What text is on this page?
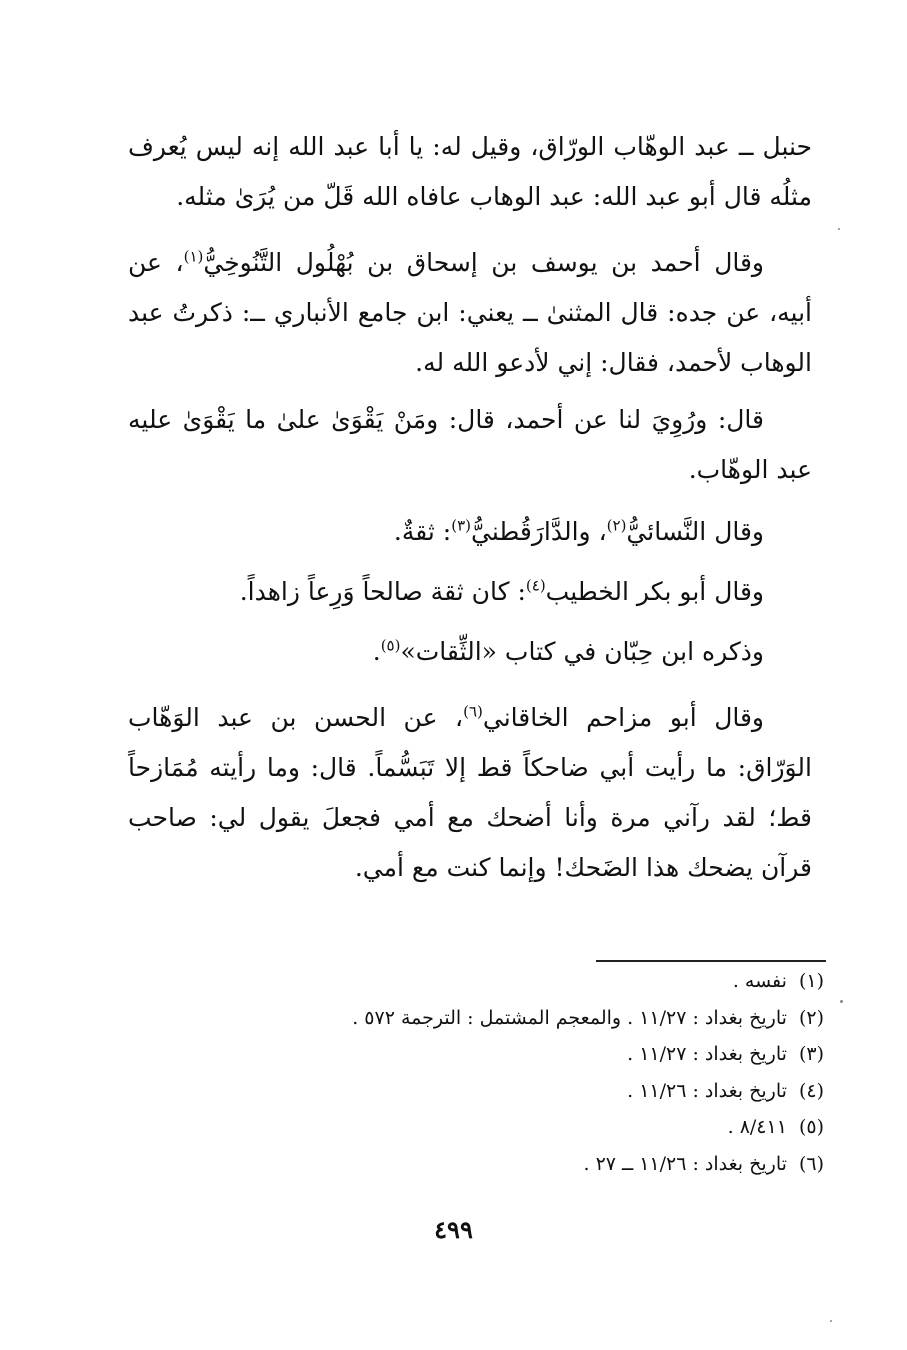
حنبل ــ عبد الوهّاب الورّاق، وقيل له: يا أبا عبد الله إنه ليس يُعرف مثلُه قال أبو عبد الله: عبد الوهاب عافاه الله قَلّ من يُرَىٰ مثله.

وقال أحمد بن يوسف بن إسحاق بن بُهْلُول التَّنُوخِيُّ$^{(١)}$، عن أبيه، عن جده: قال المثنىٰ ــ يعني: ابن جامع الأنباري ــ: ذكرتُ عبد الوهاب لأحمد، فقال: إني لأدعو الله له.

قال: ورُوِيَ لنا عن أحمد، قال: ومَنْ يَقْوَىٰ علىٰ ما يَقْوَىٰ عليه عبد الوهّاب.

وقال النَّسائيُّ$^{(٢)}$، والدَّارَقُطنيُّ$^{(٣)}$: ثقةٌ.

وقال أبو بكر الخطيب$^{(٤)}$: كان ثقة صالحاً وَرِعاً زاهداً.

وذكره ابن حِبّان في كتاب «الثِّقات»$^{(٥)}$.

وقال أبو مزاحم الخاقاني$^{(٦)}$، عن الحسن بن عبد الوَهّاب الوَرّاق: ما رأيت أبي ضاحكاً قط إلا تَبَسُّماً. قال: وما رأيته مُمَازحاً قط؛ لقد رآني مرة وأنا أضحك مع أمي فجعلَ يقول لي: صاحب قرآن يضحك هذا الضَحك! وإنما كنت مع أمي.

(١)نفسه .
(٢)تاريخ بغداد : ١١/٢٧ . والمعجم المشتمل : الترجمة ٥٧٢ .
(٣)تاريخ بغداد : ١١/٢٧ .
(٤)تاريخ بغداد : ١١/٢٦ .
(٥)٨/٤١١ .
(٦)تاريخ بغداد : ١١/٢٦ ــ ٢٧ .
٤٩٩
